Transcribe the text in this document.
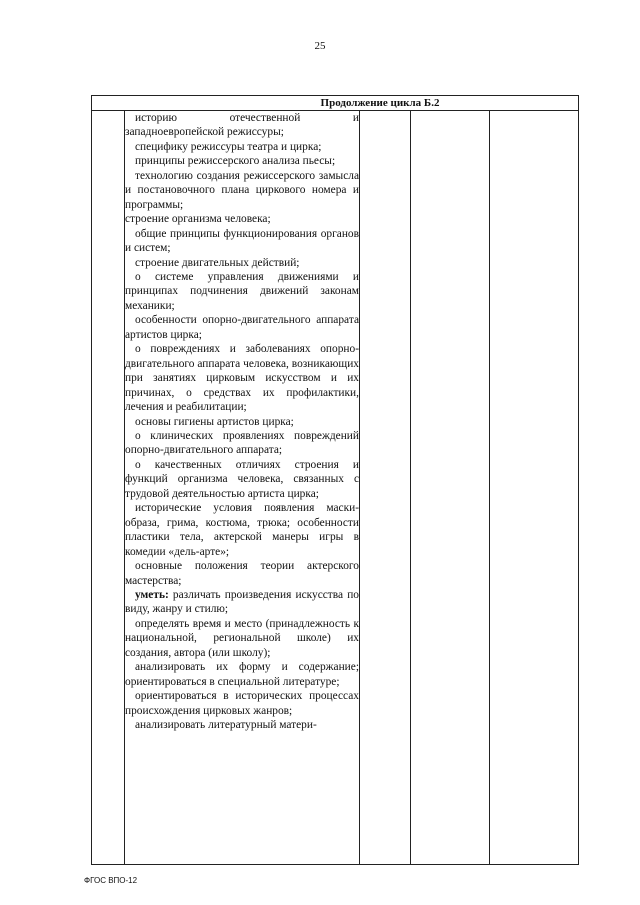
25
Продолжение цикла Б.2
историю отечественной и западноевропейской режиссуры;
специфику режиссуры театра и цирка;
принципы режиссерского анализа пьесы;
технологию создания режиссерского замысла и постановочного плана циркового номера и программы;
строение организма человека;
общие принципы функционирования органов и систем;
строение двигательных действий;
о системе управления движениями и принципах подчинения движений законам механики;
особенности опорно-двигательного аппарата артистов цирка;
о повреждениях и заболеваниях опорно-двигательного аппарата человека, возникающих при занятиях цирковым искусством и их причинах, о средствах их профилактики, лечения и реабилитации;
основы гигиены артистов цирка;
о клинических проявлениях повреждений опорно-двигательного аппарата;
о качественных отличиях строения и функций организма человека, связанных с трудовой деятельностью артиста цирка;
исторические условия появления маски-образа, грима, костюма, трюка; особенности пластики тела, актерской манеры игры в комедии «дель-арте»;
основные положения теории актерского мастерства;
уметь: различать произведения искусства по виду, жанру и стилю;
определять время и место (принадлежность к национальной, региональной школе) их создания, автора (или школу);
анализировать их форму и содержание; ориентироваться в специальной литературе;
ориентироваться в исторических процессах происхождения цирковых жанров;
анализировать литературный матери-
ФГОС ВПО-12
